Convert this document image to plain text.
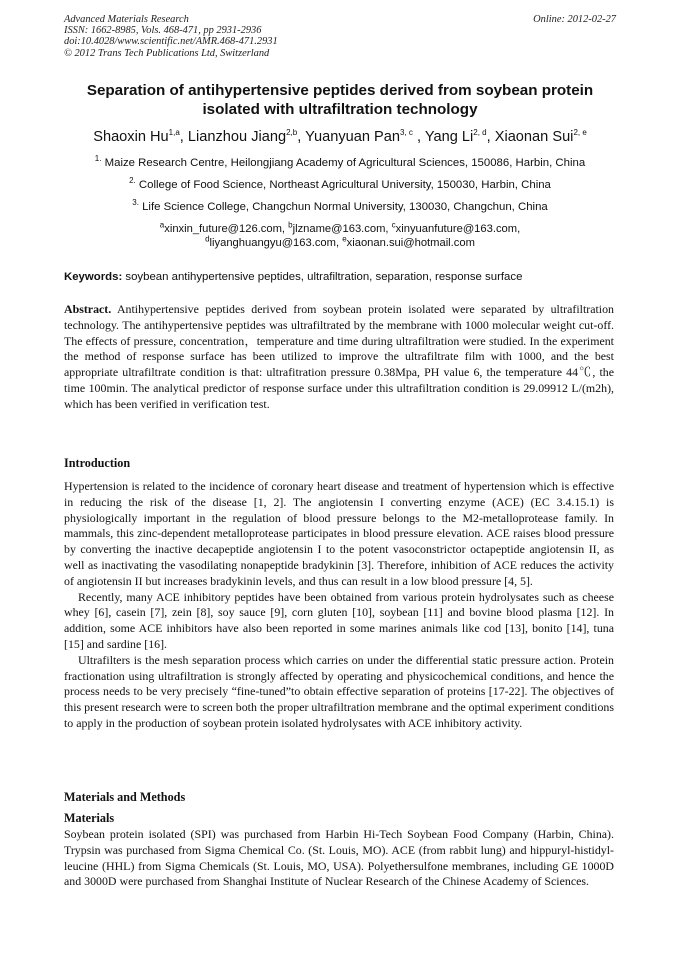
Advanced Materials Research
ISSN: 1662-8985, Vols. 468-471, pp 2931-2936
doi:10.4028/www.scientific.net/AMR.468-471.2931
© 2012 Trans Tech Publications Ltd, Switzerland
Online: 2012-02-27
Separation of antihypertensive peptides derived from soybean protein
isolated with ultrafiltration technology
Shaoxin Hu$^{1,a}$, Lianzhou Jiang$^{2,b}$, Yuanyuan Pan$^{3, c}$ , Yang Li$^{2, d}$, Xiaonan Sui$^{2, e}$
$^{1.}$ Maize Research Centre, Heilongjiang Academy of Agricultural Sciences, 150086, Harbin, China
$^{2.}$ College of Food Science, Northeast Agricultural University, 150030, Harbin, China
$^{3.}$ Life Science College, Changchun Normal University, 130030, Changchun, China
$^a$xinxin_future@126.com, $^b$jlzname@163.com, $^c$xinyuanfuture@163.com,
$^d$liyanghuangyu@163.com, $^e$xiaonan.sui@hotmail.com
Keywords: soybean antihypertensive peptides, ultrafiltration, separation, response surface

Abstract. Antihypertensive peptides derived from soybean protein isolated were separated by ultrafiltration technology. The antihypertensive peptides was ultrafiltrated by the membrane with 1000 molecular weight cut-off. The effects of pressure, concentration，temperature and time during ultrafiltration were studied. In the experiment the method of response surface has been utilized to improve the ultrafiltrate film with 1000, and the best appropriate ultrafiltrate condition is that: ultrafitration pressure 0.38Mpa, PH value 6, the temperature 44℃, the time 100min. The analytical predictor of response surface under this ultrafiltration condition is 29.09912 L/(m2h), which has been verified in verification test.

Introduction

Hypertension is related to the incidence of coronary heart disease and treatment of hypertension which is effective in reducing the risk of the disease [1, 2]. The angiotensin I converting enzyme (ACE) (EC 3.4.15.1) is physiologically important in the regulation of blood pressure belongs to the M2-metalloprotease family. In mammals, this zinc-dependent metalloprotease participates in blood pressure elevation. ACE raises blood pressure by converting the inactive decapeptide angiotensin I to the potent vasoconstrictor octapeptide angiotensin II, as well as inactivating the vasodilating nonapeptide bradykinin [3]. Therefore, inhibition of ACE reduces the activity of angiotensin II but increases bradykinin levels, and thus can result in a low blood pressure [4, 5].

Recently, many ACE inhibitory peptides have been obtained from various protein hydrolysates such as cheese whey [6], casein [7], zein [8], soy sauce [9], corn gluten [10], soybean [11] and bovine blood plasma [12]. In addition, some ACE inhibitors have also been reported in some marines animals like cod [13], bonito [14], tuna [15] and sardine [16].

Ultrafilters is the mesh separation process which carries on under the differential static pressure action. Protein fractionation using ultrafiltration is strongly affected by operating and physicochemical conditions, and hence the process needs to be very precisely “fine-tuned”to obtain effective separation of proteins [17-22]. The objectives of this present research were to screen both the proper ultrafiltration membrane and the optimal experiment conditions to apply in the production of soybean protein isolated hydrolysates with ACE inhibitory activity.

Materials and Methods
Materials

Soybean protein isolated (SPI) was purchased from Harbin Hi-Tech Soybean Food Company (Harbin, China). Trypsin was purchased from Sigma Chemical Co. (St. Louis, MO). ACE (from rabbit lung) and hippuryl-histidyl-leucine (HHL) from Sigma Chemicals (St. Louis, MO, USA). Polyethersulfone membranes, including GE 1000D and 3000D were purchased from Shanghai Institute of Nuclear Research of the Chinese Academy of Sciences.
